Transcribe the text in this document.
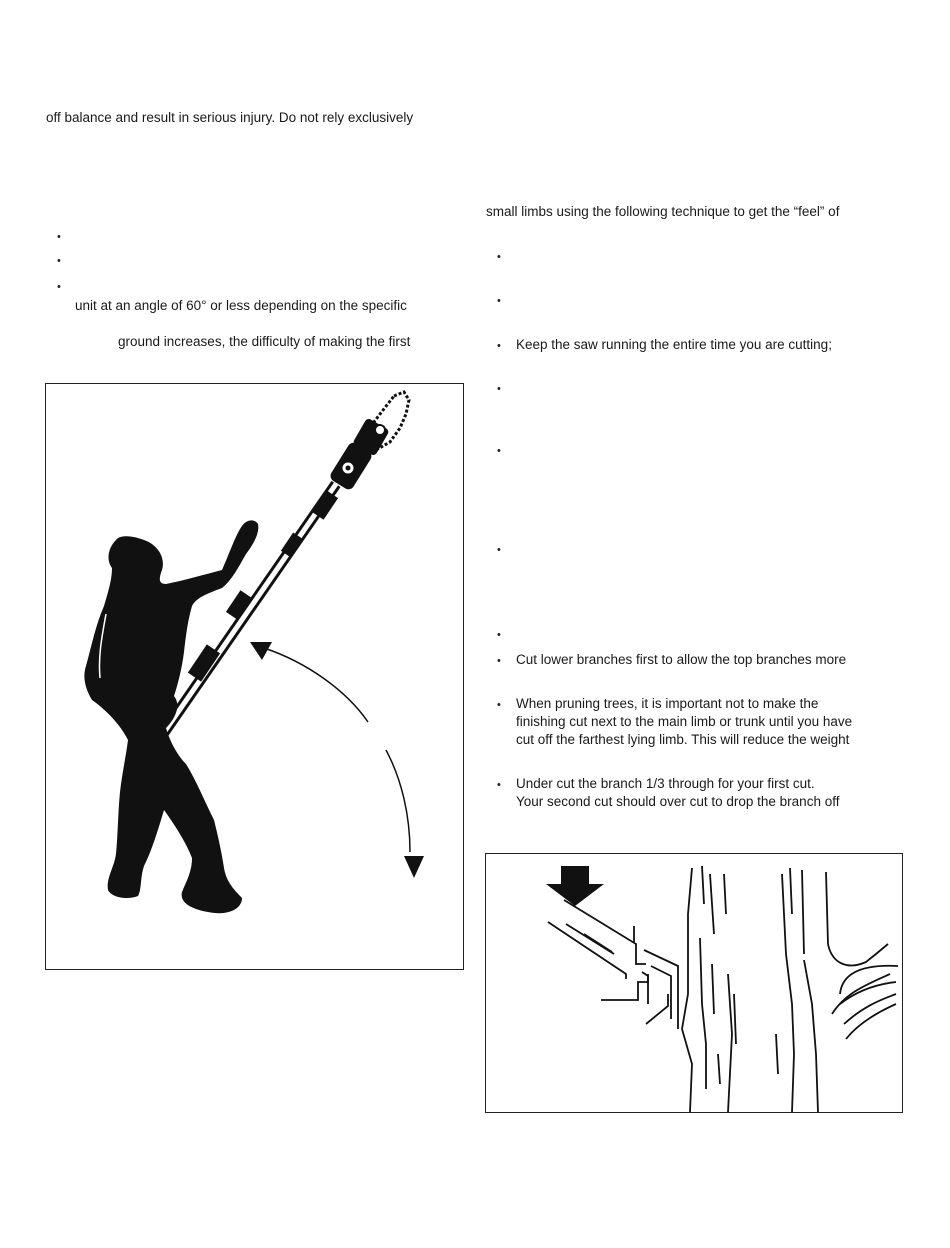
off balance and result in serious injury. Do not rely exclusively
•
•
•
unit at an angle of 60° or less depending on the specific
ground increases, the difficulty of making the first
small limbs using the following technique to get the “feel” of
•
•
• Keep the saw running the entire time you are cutting;
•
•
•
•
• Cut lower branches first to allow the top branches more
• When pruning trees, it is important not to make the
finishing cut next to the main limb or trunk until you have
cut off the farthest lying limb. This will reduce the weight
• Under cut the branch 1/3 through for your first cut.
Your second cut should over cut to drop the branch off
